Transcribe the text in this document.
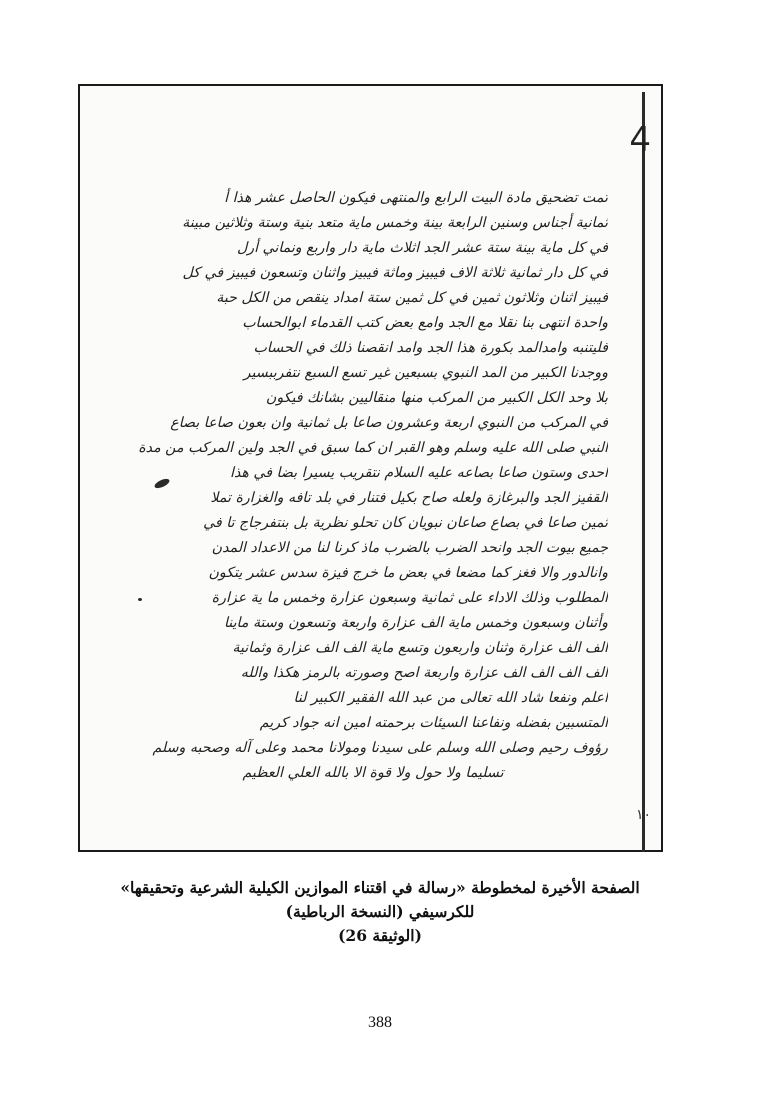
4
تمت تضحيق مادة البيت الرابع والمنتهى فيكون الحاصل عشر هذا أ
ثمانية أجناس وسنين الرابعة بينة وخمس ماية متعد بنية وستة وثلاثين مبينة
في كل ماية بينة ستة عشر الجد اثلاث ماية دار واربع ونماني أرل
في كل دار ثمانية ثلاثة الاف فيبيز وماثة فيبيز واثنان وتسعون فيبيز في كل
فيبيز اثنان وثلاثون ثمين في كل ثمين ستة امداد ينقص من الكل حبة
واحدة انتهى بنا نقلا مع الجد وامع بعض كتب القدماء ابوالحساب
فليتنبه وامدالمد بكورة هذا الجد وامد انقصنا ذلك في الحساب
ووجدنا الكبير من المد النبوي بسبعين غير تسع السبع نتفرببسير
بلا وحد الكل الكبير من المركب منها منقاليين بشانك فيكون
في المركب من النبوي اربعة وعشرون صاعا بل ثمانية وان بعون صاعا بصاع
النبي صلى الله عليه وسلم وهو القبر ان كما سبق في الجد ولين المركب من مدة
احدى وستون صاعا بصاعه عليه السلام نتقريب يسيرا بضا في هذا
القفيز الجد والبرغازة ولعله صاح بكيل فتنار في بلد تافه والغزارة تملا
ثمين صاعا في بصاع صاعان نبويان كان تحلو نظرية بل بنتفرجاج تا في
جميع بيوت الجد وانحد الضرب بالضرب ماذ كرنا لنا من الاعداد المدن
وانالدور والا فغز كما مضعا في بعض ما خرج فيزة سدس عشر يتكون
المطلوب وذلك الاداء على ثمانية وسبعون عزارة وخمس ما ية عزارة
وأثنان وسبعون وخمس ماية الف عزارة واربعة وتسعون وستة ماينا
الف الف عزارة وثنان واربعون وتسع ماية الف الف عزارة وثمانية
الف الف الف الف عزارة واربعة اصح وصورته بالرمز هكذا والله
اعلم ونفعا شاد الله تعالى من عبد الله الفقير الكبير لنا
المتسبين بفضله ونفاعنا السيئات برحمته امين انه جواد كريم
رؤوف رحيم وصلى الله وسلم على سيدنا ومولانا محمد وعلى آله وصحبه وسلم
تسليما ولا حول ولا قوة الا بالله العلي العظيم
١٠
الصفحة الأخيرة لمخطوطة «رسالة في اقتناء الموازين الكيلية الشرعية وتحقيقها»
للكرسيفي (النسخة الرباطية)
(الوثيقة 26)
388
